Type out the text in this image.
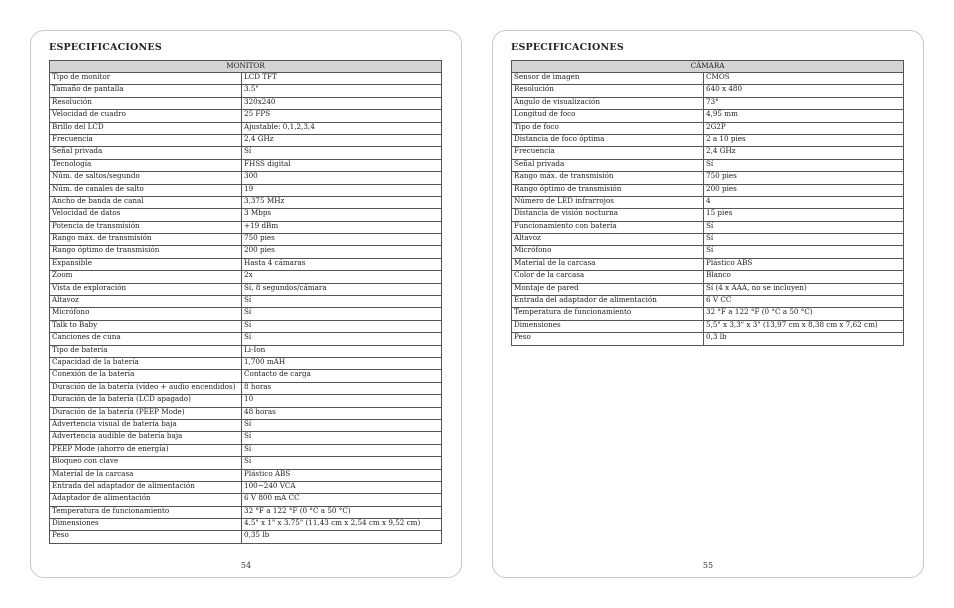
ESPECIFICACIONES
MONITOR	
Tipo de monitor	LCD TFT
Tamaño de pantalla	3.5"
Resolución	320x240
Velocidad de cuadro	25 FPS
Brillo del LCD	Ajustable: 0,1,2,3,4
Frecuencia	2,4 GHz
Señal privada	Sí
Tecnología	FHSS digital
Núm. de saltos/segundo	300
Núm. de canales de salto	19
Ancho de banda de canal	3,375 MHz
Velocidad de datos	3 Mbps
Potencia de transmisión	+19 dBm
Rango máx. de transmisión	750 pies
Rango óptimo de transmisión	200 pies
Expansible	Hasta 4 cámaras
Zoom	2x
Vista de exploración	Sí, 8 segundos/cámara
Altavoz	Sí
Micrófono	Sí
Talk to Baby	Sí
Canciones de cuna	Sí
Tipo de batería	Li-Ion
Capacidad de la batería	1,700 mAH
Conexión de la batería	Contacto de carga
Duración de la batería (video + audio encendidos)	8 horas
Duración de la batería (LCD apagado)	10
Duración de la batería (PEEP Mode)	48 horas
Advertencia visual de batería baja	Sí
Advertencia audible de batería baja	Sí
PEEP Mode (ahorro de energía)	Sí
Bloqueo con clave	Sí
Material de la carcasa	Plástico ABS
Entrada del adaptador de alimentación	100~240 VCA
Adaptador de alimentación	6 V 800 mA CC
Temperatura de funcionamiento	32 °F a 122 °F (0 °C a 50 °C)
Dimensiones	4.5" x 1" x 3.75" (11,43 cm x 2,54 cm x 9,52 cm)
Peso	0,35 lb
54
ESPECIFICACIONES
CÁMARA	
Sensor de imagen	CMOS
Resolución	640 x 480
Ángulo de visualización	73°
Longitud de foco	4,95 mm
Tipo de foco	2G2P
Distancia de foco óptima	2 a 10 pies
Frecuencia	2,4 GHz
Señal privada	Sí
Rango máx. de transmisión	750 pies
Rango óptimo de transmisión	200 pies
Número de LED infrarrojos	4
Distancia de visión nocturna	15 pies
Funcionamiento con batería	Sí
Altavoz	Sí
Micrófono	Sí
Material de la carcasa	Plástico ABS
Color de la carcasa	Blanco
Montaje de pared	Sí (4 x AAA, no se incluyen)
Entrada del adaptador de alimentación	6 V CC
Temperatura de funcionamiento	32 °F a 122 °F (0 °C a 50 °C)
Dimensiones	5,5" x 3,3" x 3" (13,97 cm x 8,38 cm x 7,62 cm)
Peso	0,3 lb
55
